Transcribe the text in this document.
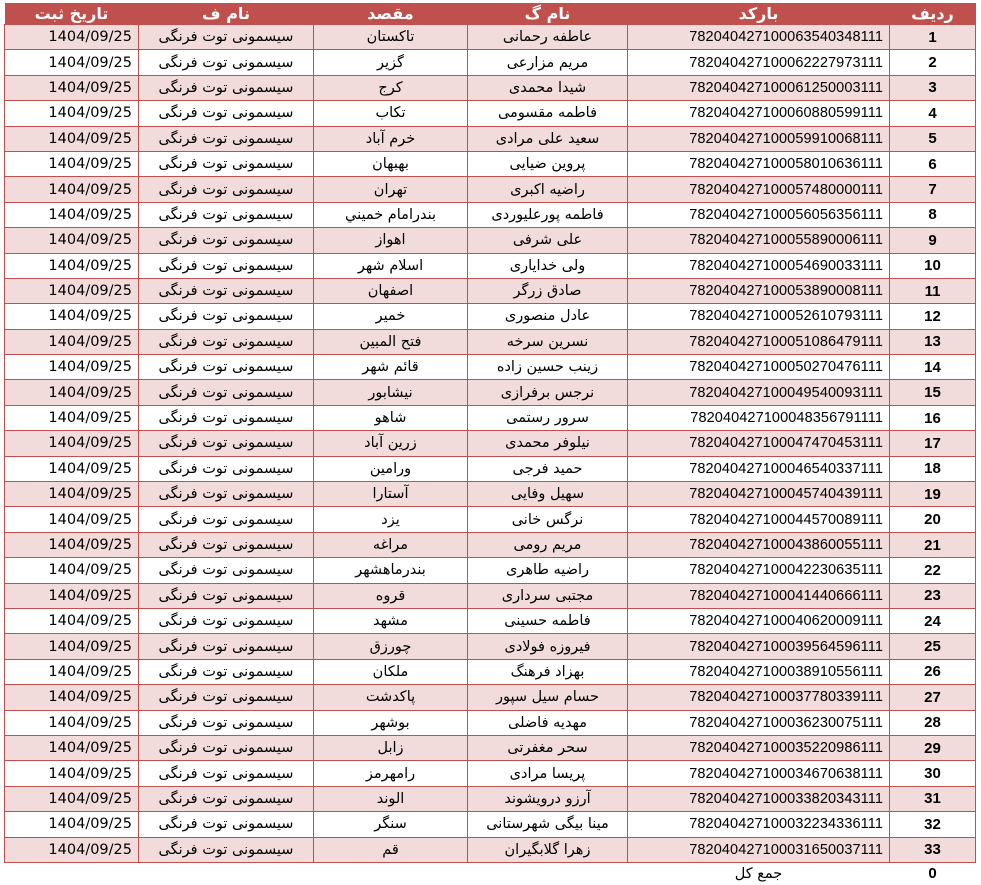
تاریخ ثبت	نام ف	مقصد	نام گ	بارکد	ردیف
1404/09/25	سیسمونی توت فرنگی	تاکستان	عاطفه رحمانی	782040427100063540348111	1
1404/09/25	سیسمونی توت فرنگی	گزیر	مریم مزارعی	782040427100062227973111	2
1404/09/25	سیسمونی توت فرنگی	کرج	شیدا محمدی	782040427100061250003111	3
1404/09/25	سیسمونی توت فرنگی	تکاب	فاطمه مقسومی	782040427100060880599111	4
1404/09/25	سیسمونی توت فرنگی	خرم آباد	سعید علی مرادی	782040427100059910068111	5
1404/09/25	سیسمونی توت فرنگی	بهبهان	پروین ضیایی	782040427100058010636111	6
1404/09/25	سیسمونی توت فرنگی	تهران	راضیه اکبری	782040427100057480000111	7
1404/09/25	سیسمونی توت فرنگی	بندرامام خميني	فاطمه پورعلیوردی	782040427100056056356111	8
1404/09/25	سیسمونی توت فرنگی	اهواز	علی شرفی	782040427100055890006111	9
1404/09/25	سیسمونی توت فرنگی	اسلام شهر	ولی خدایاری	782040427100054690033111	10
1404/09/25	سیسمونی توت فرنگی	اصفهان	صادق زرگر	782040427100053890008111	11
1404/09/25	سیسمونی توت فرنگی	خمیر	عادل منصوری	782040427100052610793111	12
1404/09/25	سیسمونی توت فرنگی	فتح المبین	نسرین سرخه	782040427100051086479111	13
1404/09/25	سیسمونی توت فرنگی	قائم شهر	زینب حسین زاده	782040427100050270476111	14
1404/09/25	سیسمونی توت فرنگی	نیشابور	نرجس برفرازی	782040427100049540093111	15
1404/09/25	سیسمونی توت فرنگی	شاهو	سرور رستمی	782040427100048356791111	16
1404/09/25	سیسمونی توت فرنگی	زرین آباد	نیلوفر محمدی	782040427100047470453111	17
1404/09/25	سیسمونی توت فرنگی	ورامین	حمید فرجی	782040427100046540337111	18
1404/09/25	سیسمونی توت فرنگی	آستارا	سهیل وفایی	782040427100045740439111	19
1404/09/25	سیسمونی توت فرنگی	یزد	نرگس خانی	782040427100044570089111	20
1404/09/25	سیسمونی توت فرنگی	مراغه	مریم رومی	782040427100043860055111	21
1404/09/25	سیسمونی توت فرنگی	بندرماهشهر	راضیه طاهری	782040427100042230635111	22
1404/09/25	سیسمونی توت فرنگی	قروه	مجتبی سرداری	782040427100041440666111	23
1404/09/25	سیسمونی توت فرنگی	مشهد	فاطمه حسینی	782040427100040620009111	24
1404/09/25	سیسمونی توت فرنگی	چورزق	فیروزه فولادی	782040427100039564596111	25
1404/09/25	سیسمونی توت فرنگی	ملکان	بهزاد فرهنگ	782040427100038910556111	26
1404/09/25	سیسمونی توت فرنگی	پاکدشت	حسام سیل سپور	782040427100037780339111	27
1404/09/25	سیسمونی توت فرنگی	بوشهر	مهدیه فاضلی	782040427100036230075111	28
1404/09/25	سیسمونی توت فرنگی	زابل	سحر مغفرتی	782040427100035220986111	29
1404/09/25	سیسمونی توت فرنگی	رامهرمز	پریسا مرادی	782040427100034670638111	30
1404/09/25	سیسمونی توت فرنگی	الوند	آرزو درویشوند	782040427100033820343111	31
1404/09/25	سیسمونی توت فرنگی	سنگر	مینا بیگی شهرستانی	782040427100032234336111	32
1404/09/25	سیسمونی توت فرنگی	قم	زهرا گلابگیران	782040427100031650037111	33
				جمع کل	0
